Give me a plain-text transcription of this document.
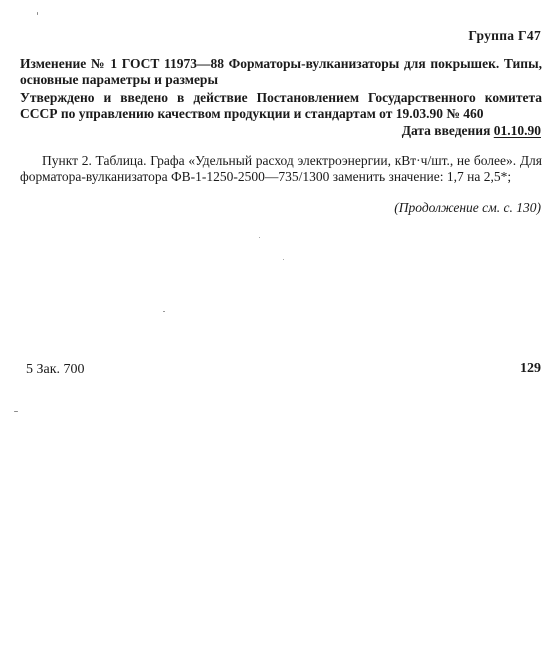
Группа Г47
Изменение № 1 ГОСТ 11973—88 Форматоры-вулканизаторы для покрышек. Типы, основные параметры и размеры
Утверждено и введено в действие Постановлением Государственного комитета СССР по управлению качеством продукции и стандартам от 19.03.90 № 460
Дата введения 01.10.90
Пункт 2. Таблица. Графа «Удельный расход электроэнергии, кВт·ч/шт., не более». Для форматора-вулканизатора ФВ-1-1250-2500—735/1300 заменить значение: 1,7 на 2,5*;
(Продолжение см. с. 130)
5 Зак. 700	129
